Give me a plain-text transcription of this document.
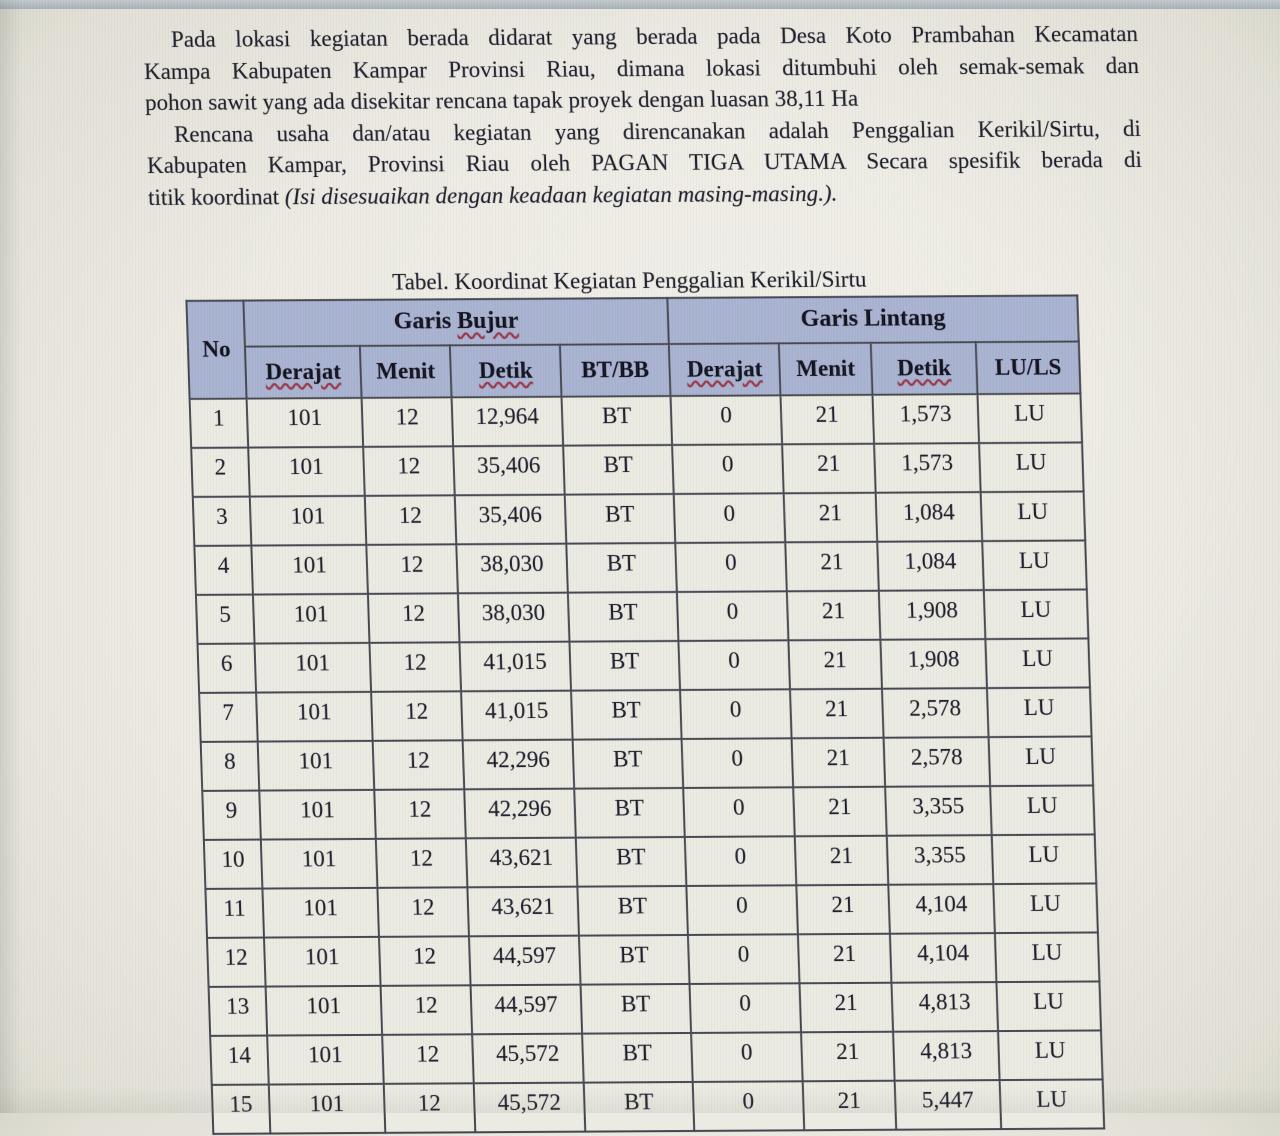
Pada lokasi kegiatan berada didarat yang berada pada Desa Koto Prambahan Kecamatan
Kampa Kabupaten Kampar Provinsi Riau, dimana lokasi ditumbuhi oleh semak-semak dan
pohon sawit yang ada disekitar rencana tapak proyek dengan luasan 38,11 Ha
Rencana usaha dan/atau kegiatan yang direncanakan adalah Penggalian Kerikil/Sirtu, di
Kabupaten Kampar, Provinsi Riau oleh PAGAN TIGA UTAMA Secara spesifik berada di
titik koordinat (Isi disesuaikan dengan keadaan kegiatan masing-masing.).
Tabel. Koordinat Kegiatan Penggalian Kerikil/Sirtu
No	Garis Bujur				Garis Lintang			
	Derajat	Menit	Detik	BT/BB	Derajat	Menit	Detik	LU/LS
1	101	12	12,964	BT	0	21	1,573	LU
2	101	12	35,406	BT	0	21	1,573	LU
3	101	12	35,406	BT	0	21	1,084	LU
4	101	12	38,030	BT	0	21	1,084	LU
5	101	12	38,030	BT	0	21	1,908	LU
6	101	12	41,015	BT	0	21	1,908	LU
7	101	12	41,015	BT	0	21	2,578	LU
8	101	12	42,296	BT	0	21	2,578	LU
9	101	12	42,296	BT	0	21	3,355	LU
10	101	12	43,621	BT	0	21	3,355	LU
11	101	12	43,621	BT	0	21	4,104	LU
12	101	12	44,597	BT	0	21	4,104	LU
13	101	12	44,597	BT	0	21	4,813	LU
14	101	12	45,572	BT	0	21	4,813	LU
15	101	12	45,572	BT	0	21	5,447	LU
